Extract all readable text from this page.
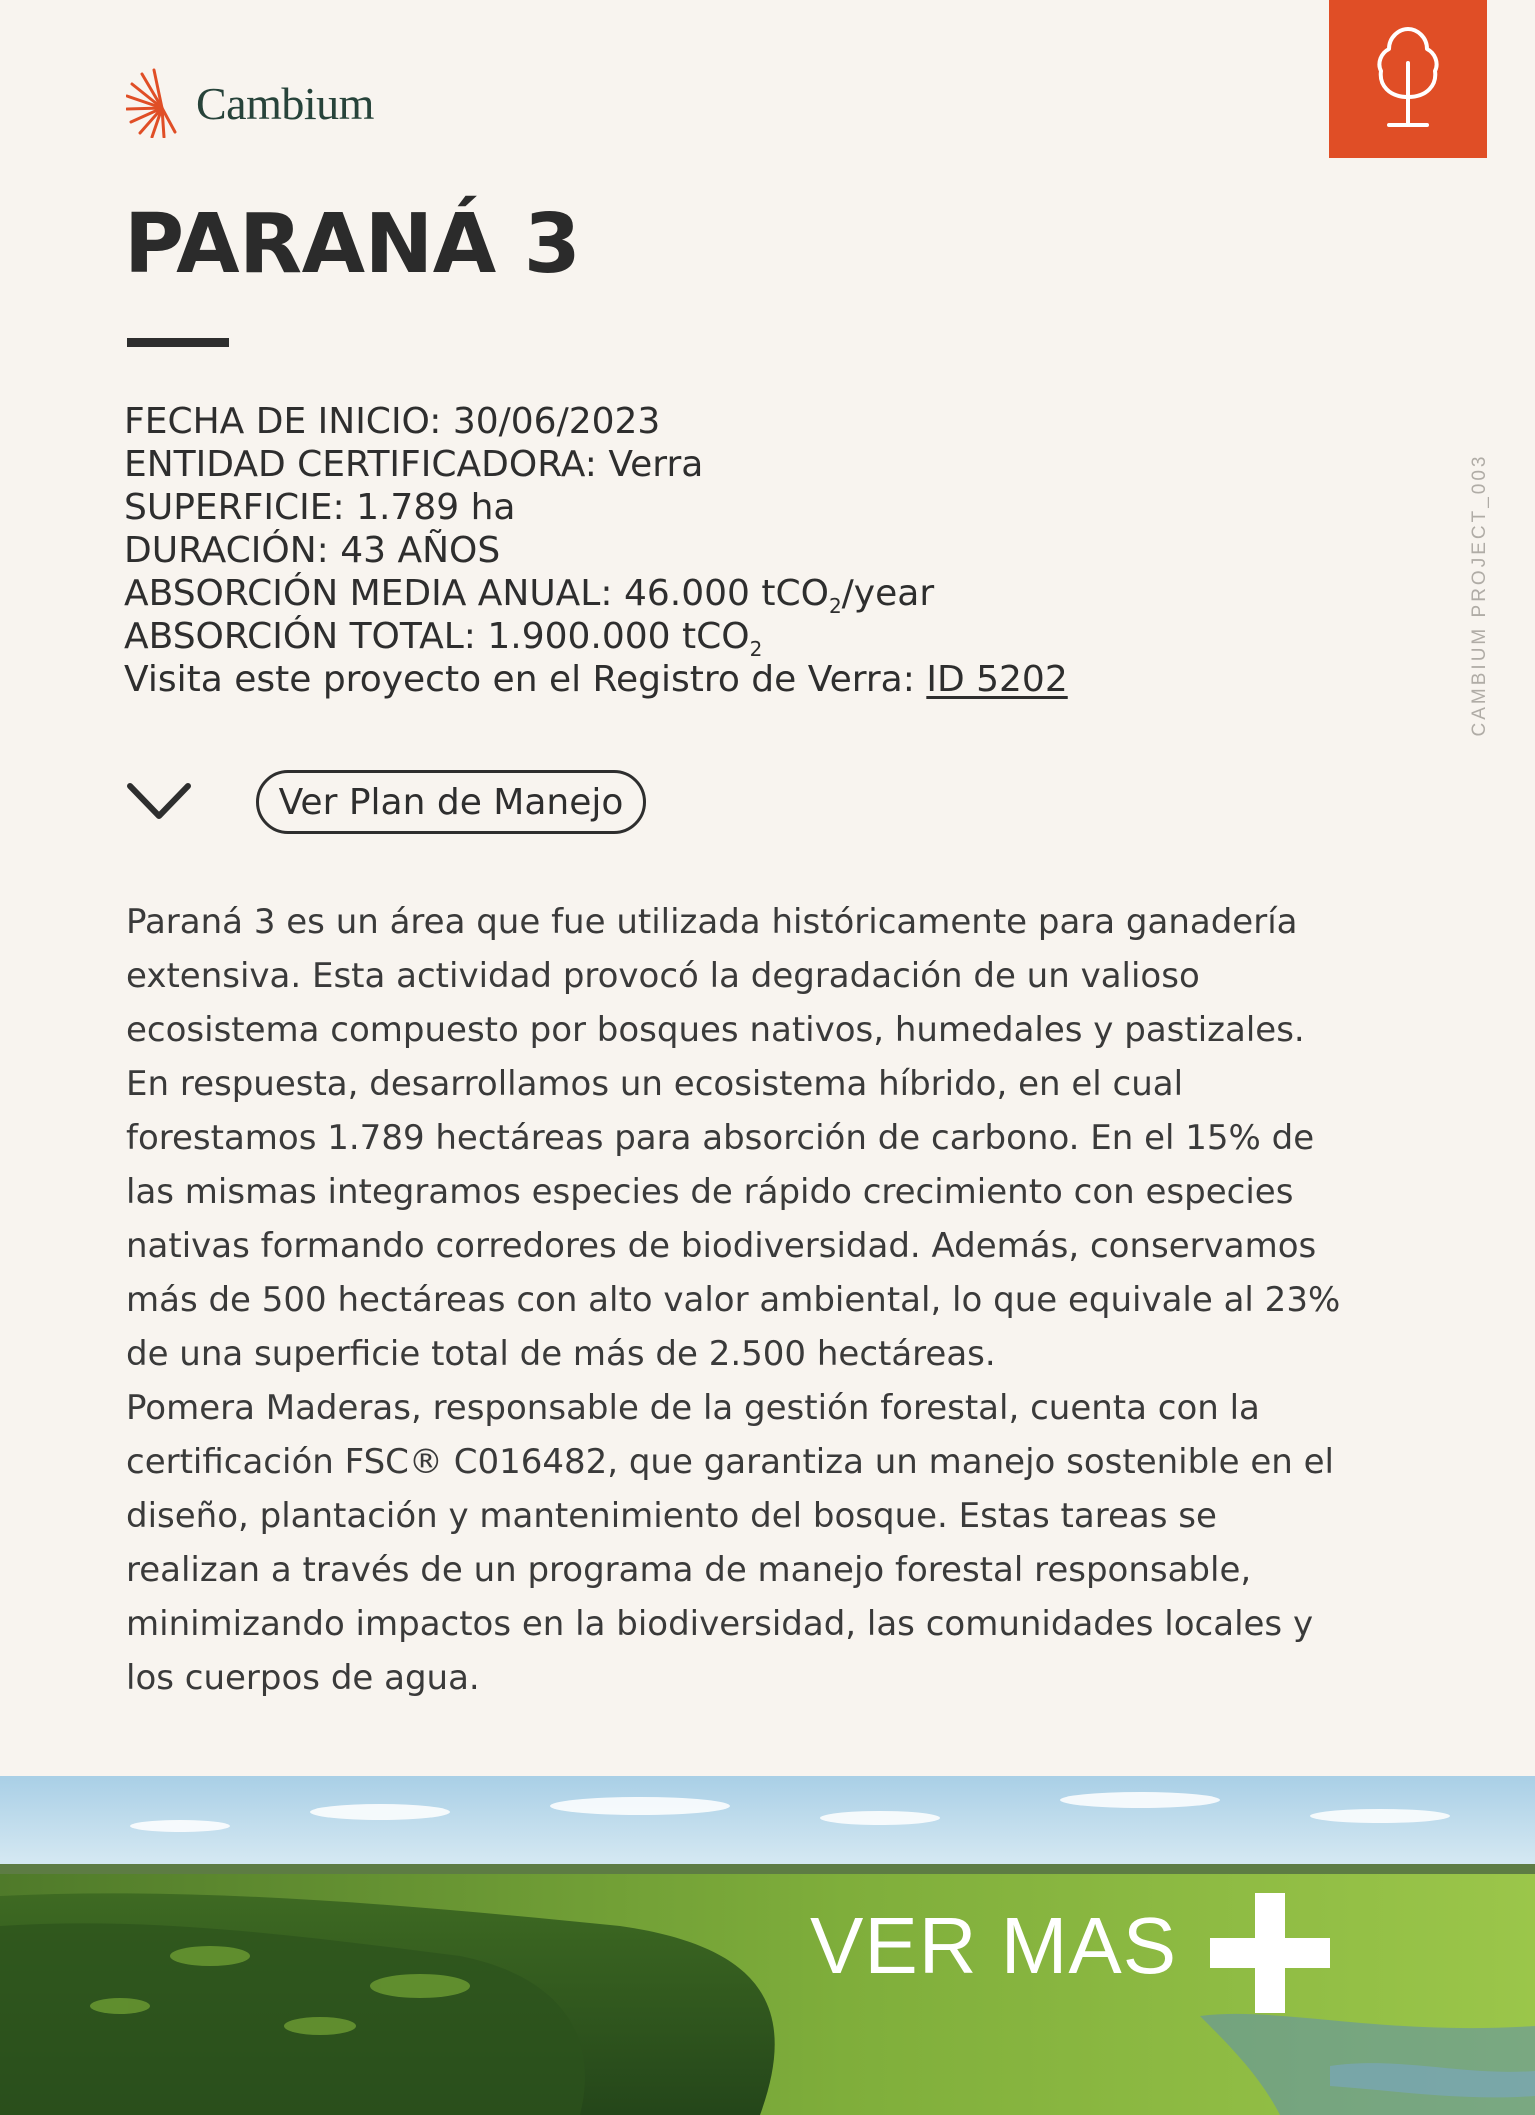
Cambium
PARANÁ 3
FECHA DE INICIO: 30/06/2023
ENTIDAD CERTIFICADORA: Verra
SUPERFICIE: 1.789 ha
DURACIÓN: 43 AÑOS
ABSORCIÓN MEDIA ANUAL: 46.000 tCO$_2$/year
ABSORCIÓN TOTAL: 1.900.000 tCO$_2$
Visita este proyecto en el Registro de Verra: ID 5202	CAMBIUM PROJECT_003
Ver Plan de Manejo

Paraná 3 es un área que fue utilizada históricamente para ganadería extensiva. Esta actividad provocó la degradación de un valioso ecosistema compuesto por bosques nativos, humedales y pastizales. En respuesta, desarrollamos un ecosistema híbrido, en el cual forestamos 1.789 hectáreas para absorción de carbono. En el 15% de las mismas integramos especies de rápido crecimiento con especies nativas formando corredores de biodiversidad. Además, conservamos más de 500 hectáreas con alto valor ambiental, lo que equivale al 23% de una superficie total de más de 2.500 hectáreas.

Pomera Maderas, responsable de la gestión forestal, cuenta con la certificación FSC® C016482, que garantiza un manejo sostenible en el diseño, plantación y mantenimiento del bosque. Estas tareas se realizan a través de un programa de manejo forestal responsable, minimizando impactos en la biodiversidad, las comunidades locales y los cuerpos de agua.

VER MAS
